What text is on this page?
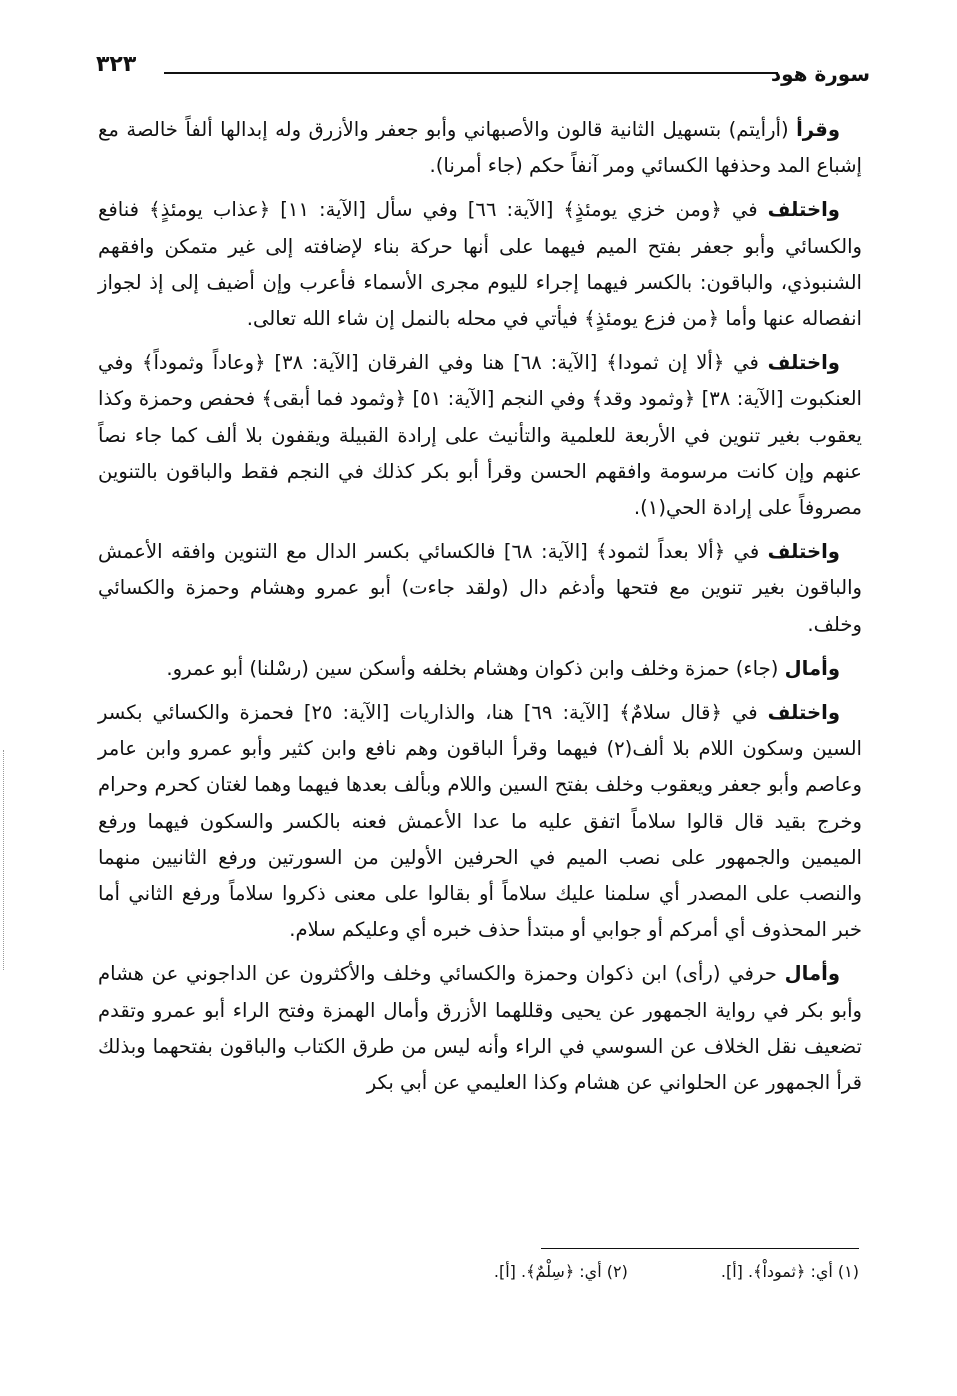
سورة هود
٣٢٣

وقرأ (أرأيتم) بتسهيل الثانية قالون والأصبهاني وأبو جعفر والأزرق وله إبدالها ألفاً خالصة مع إشباع المد وحذفها الكسائي ومر آنفاً حكم (جاء أمرنا).

واختلف في ﴿ومن خزي يومئذٍ﴾ [الآية: ٦٦] وفي سأل [الآية: ١١] ﴿عذاب يومئذٍ﴾ فنافع والكسائي وأبو جعفر بفتح الميم فيهما على أنها حركة بناء لإضافته إلى غير متمكن وافقهم الشنبوذي، والباقون: بالكسر فيهما إجراء لليوم مجرى الأسماء فأعرب وإن أضيف إلى إذ لجواز انفصاله عنها وأما ﴿من فزع يومئذٍ﴾ فيأتي في محله بالنمل إن شاء الله تعالى.

واختلف في ﴿ألا إن ثمودا﴾ [الآية: ٦٨] هنا وفي الفرقان [الآية: ٣٨] ﴿وعاداً وثموداً﴾ وفي العنكبوت [الآية: ٣٨] ﴿وثمود وقد﴾ وفي النجم [الآية: ٥١] ﴿وثمود فما أبقى﴾ فحفص وحمزة وكذا يعقوب بغير تنوين في الأربعة للعلمية والتأنيث على إرادة القبيلة ويقفون بلا ألف كما جاء نصاً عنهم وإن كانت مرسومة وافقهم الحسن وقرأ أبو بكر كذلك في النجم فقط والباقون بالتنوين مصروفاً على إرادة الحي(١).

واختلف في ﴿ألا بعداً لثمود﴾ [الآية: ٦٨] فالكسائي بكسر الدال مع التنوين وافقه الأعمش والباقون بغير تنوين مع فتحها وأدغم دال (ولقد جاءت) أبو عمرو وهشام وحمزة والكسائي وخلف.

وأمال (جاء) حمزة وخلف وابن ذكوان وهشام بخلفه وأسكن سين (رسْلنا) أبو عمرو.

واختلف في ﴿قال سلامٌ﴾ [الآية: ٦٩] هنا، والذاريات [الآية: ٢٥] فحمزة والكسائي بكسر السين وسكون اللام بلا ألف(٢) فيهما وقرأ الباقون وهم نافع وابن كثير وأبو عمرو وابن عامر وعاصم وأبو جعفر ويعقوب وخلف بفتح السين واللام وبألف بعدها فيهما وهما لغتان كحرم وحرام وخرج بقيد قال قالوا سلاماً اتفق عليه ما عدا الأعمش فعنه بالكسر والسكون فيهما ورفع الميمين والجمهور على نصب الميم في الحرفين الأولين من السورتين ورفع الثانيين منهما والنصب على المصدر أي سلمنا عليك سلاماً أو بقالوا على معنى ذكروا سلاماً ورفع الثاني أما خبر المحذوف أي أمركم أو جوابي أو مبتدأ حذف خبره أي وعليكم سلام.

وأمال حرفي (رأى) ابن ذكوان وحمزة والكسائي وخلف والأكثرون عن الداجوني عن هشام وأبو بكر في رواية الجمهور عن يحيى وقللهما الأزرق وأمال الهمزة وفتح الراء أبو عمرو وتقدم تضعيف نقل الخلاف عن السوسي في الراء وأنه ليس من طرق الكتاب والباقون بفتحهما وبذلك قرأ الجمهور عن الحلواني عن هشام وكذا العليمي عن أبي بكر

(١) أي: ﴿ثموداْ﴾. [أ]. (٢) أي: ﴿سِلْمٌ﴾. [أ].
